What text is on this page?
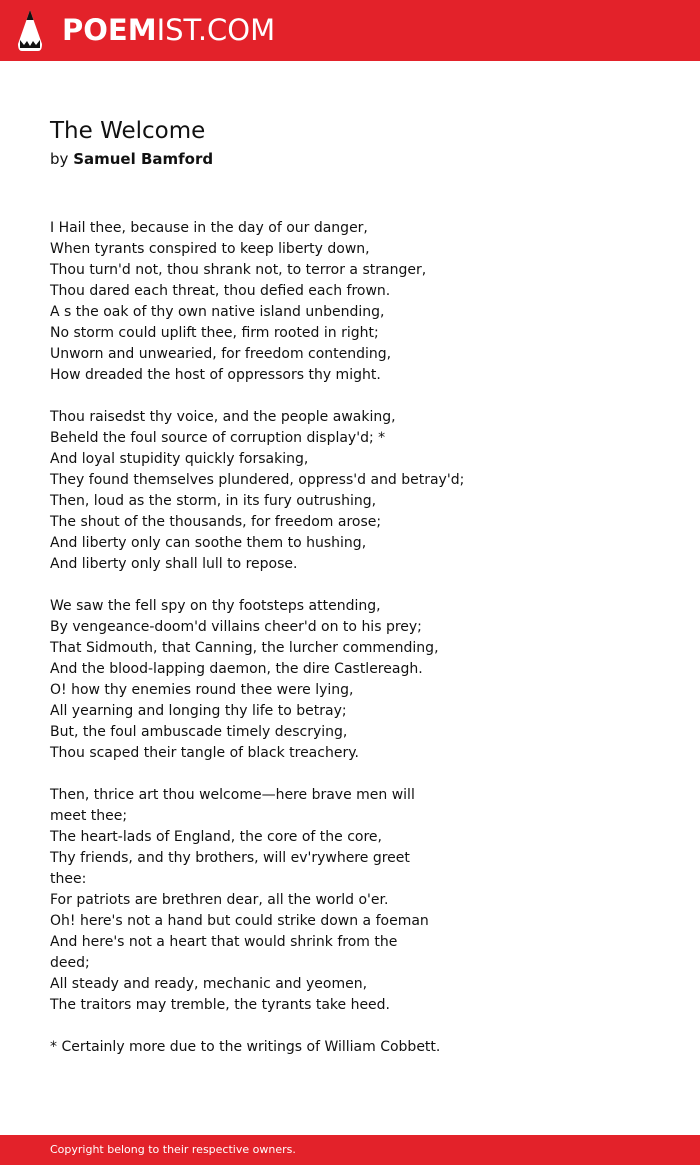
POEMIST.COM
The Welcome
by Samuel Bamford
I Hail thee, because in the day of our danger,
When tyrants conspired to keep liberty down,
Thou turn'd not, thou shrank not, to terror a stranger,
Thou dared each threat, thou defied each frown.
A s the oak of thy own native island unbending,
No storm could uplift thee, firm rooted in right;
Unworn and unwearied, for freedom contending,
How dreaded the host of oppressors thy might.
Thou raisedst thy voice, and the people awaking,
Beheld the foul source of corruption display'd; *
And loyal stupidity quickly forsaking,
They found themselves plundered, oppress'd and betray'd;
Then, loud as the storm, in its fury outrushing,
The shout of the thousands, for freedom arose;
And liberty only can soothe them to hushing,
And liberty only shall lull to repose.
We saw the fell spy on thy footsteps attending,
By vengeance-doom'd villains cheer'd on to his prey;
That Sidmouth, that Canning, the lurcher commending,
And the blood-lapping daemon, the dire Castlereagh.
O! how thy enemies round thee were lying,
All yearning and longing thy life to betray;
But, the foul ambuscade timely descrying,
Thou scaped their tangle of black treachery.
Then, thrice art thou welcome—here brave men will
meet thee;
The heart-lads of England, the core of the core,
Thy friends, and thy brothers, will ev'rywhere greet
thee:
For patriots are brethren dear, all the world o'er.
Oh! here's not a hand but could strike down a foeman
And here's not a heart that would shrink from the
deed;
All steady and ready, mechanic and yeomen,
The traitors may tremble, the tyrants take heed.
* Certainly more due to the writings of William Cobbett.
Copyright belong to their respective owners.
